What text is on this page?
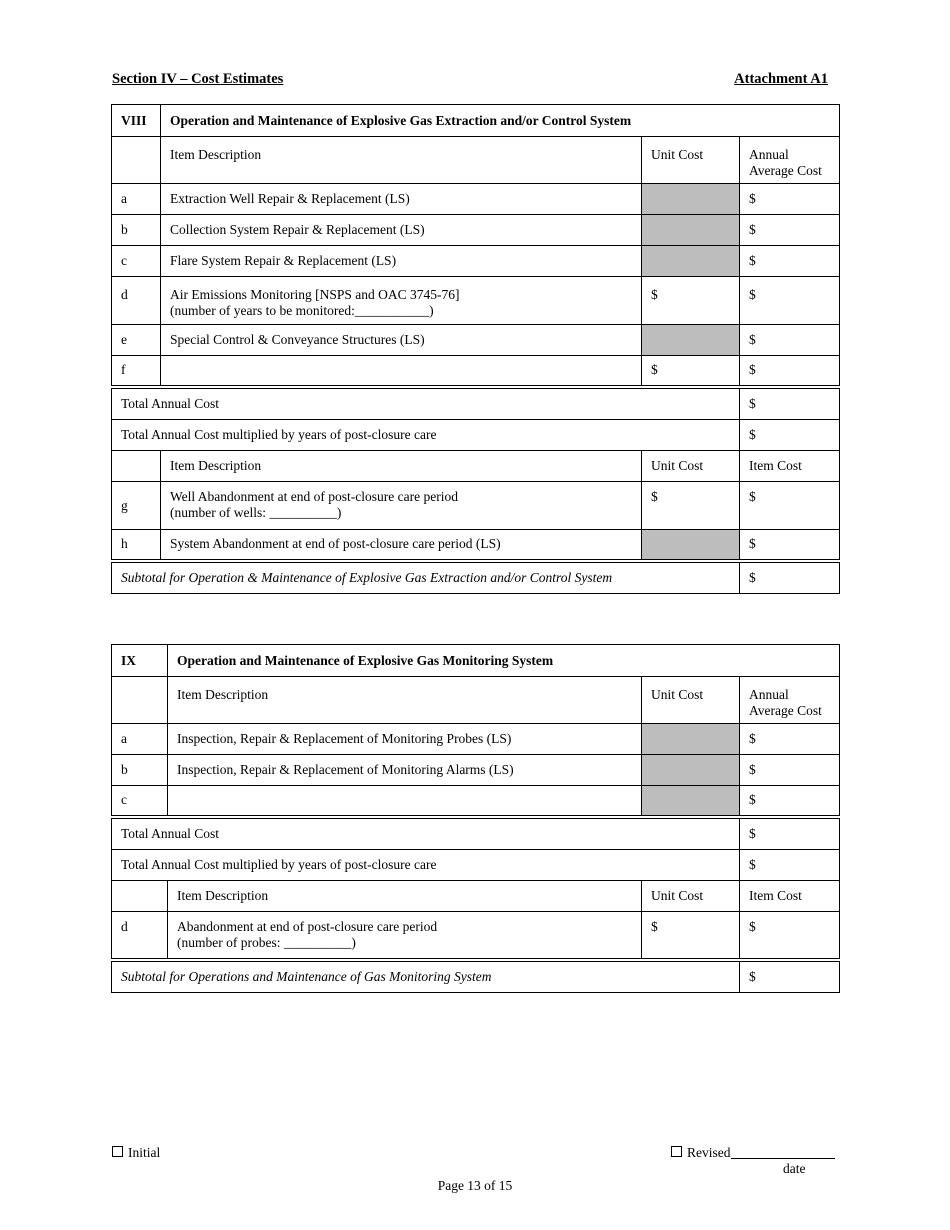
Section IV – Cost Estimates	Attachment A1
VIII	Operation and Maintenance of Explosive Gas Extraction and/or Control System		
	Item Description	Unit Cost	Annual Average Cost
a	Extraction Well Repair & Replacement (LS)		$
b	Collection System Repair & Replacement (LS)		$
c	Flare System Repair & Replacement (LS)		$
d	Air Emissions Monitoring [NSPS and OAC 3745-76]
(number of years to be monitored:___________)	$	$
e	Special Control & Conveyance Structures (LS)		$
f		$	$
Total Annual Cost			$
Total Annual Cost multiplied by years of post-closure care			$
	Item Description	Unit Cost	Item Cost
g	Well Abandonment at end of post-closure care period
(number of wells: __________)	$	$
h	System Abandonment at end of post-closure care period (LS)		$
Subtotal for Operation & Maintenance of Explosive Gas Extraction and/or Control System			$
IX	Operation and Maintenance of Explosive Gas Monitoring System		
	Item Description	Unit Cost	Annual Average Cost
a	Inspection, Repair & Replacement of Monitoring Probes (LS)		$
b	Inspection, Repair & Replacement of Monitoring Alarms (LS)		$
c			$
Total Annual Cost			$
Total Annual Cost multiplied by years of post-closure care			$
	Item Description	Unit Cost	Item Cost
d	Abandonment at end of post-closure care period
(number of probes: __________)	$	$
Subtotal for Operations and Maintenance of Gas Monitoring System			$
Initial	Revised
date
Page 13 of 15
